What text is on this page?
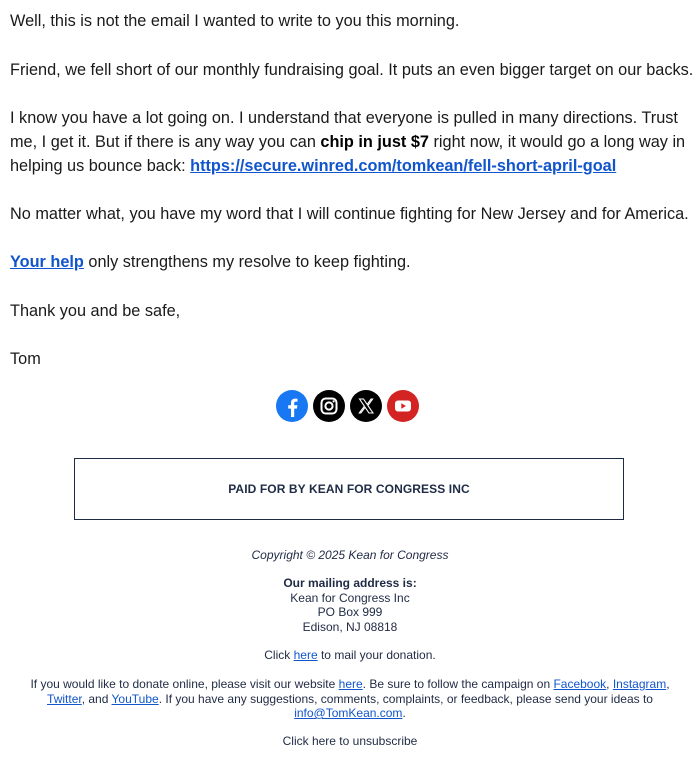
Well, this is not the email I wanted to write to you this morning.

Friend, we fell short of our monthly fundraising goal. It puts an even bigger target on our backs.

I know you have a lot going on. I understand that everyone is pulled in many directions. Trust me, I get it. But if there is any way you can chip in just $7 right now, it would go a long way in helping us bounce back: https://secure.winred.com/tomkean/fell-short-april-goal

No matter what, you have my word that I will continue fighting for New Jersey and for America.

Your help only strengthens my resolve to keep fighting.

Thank you and be safe,

Tom

PAID FOR BY KEAN FOR CONGRESS INC
Copyright © 2025 Kean for Congress
Our mailing address is:
Kean for Congress Inc
PO Box 999
Edison, NJ 08818
Click here to mail your donation.
If you would like to donate online, please visit our website here. Be sure to follow the campaign on Facebook, Instagram, Twitter, and YouTube. If you have any suggestions, comments, complaints, or feedback, please send your ideas to info@TomKean.com.
Click here to unsubscribe
